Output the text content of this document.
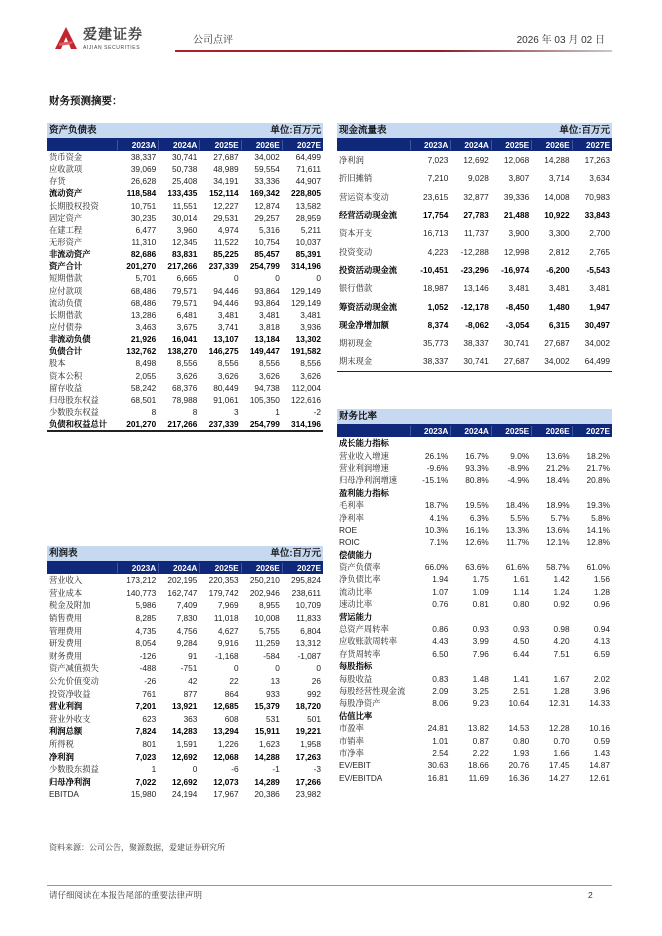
爱建证券
AIJIAN SECURITIES
公司点评	2026 年 03 月 02 日
财务预测摘要：
资产负债表	单位:百万元
2023A	2024A	2025E	2026E	2027E
货币资金	38,337	30,741	27,687	34,002	64,499
应收款项	39,069	50,738	48,989	59,554	71,611
存货	26,628	25,408	34,191	33,336	44,907
流动资产	118,584	133,435	152,114	169,342	228,805
长期股权投资	10,751	11,551	12,227	12,874	13,582
固定资产	30,235	30,014	29,531	29,257	28,959
在建工程	6,477	3,960	4,974	5,316	5,211
无形资产	11,310	12,345	11,522	10,754	10,037
非流动资产	82,686	83,831	85,225	85,457	85,391
资产合计	201,270	217,266	237,339	254,799	314,196
短期借款	5,701	6,665	0	0	0
应付款项	68,486	79,571	94,446	93,864	129,149
流动负债	68,486	79,571	94,446	93,864	129,149
长期借款	13,286	6,481	3,481	3,481	3,481
应付债券	3,463	3,675	3,741	3,818	3,936
非流动负债	21,926	16,041	13,107	13,184	13,302
负债合计	132,762	138,270	146,275	149,447	191,582
股本	8,498	8,556	8,556	8,556	8,556
资本公积	2,055	3,626	3,626	3,626	3,626
留存收益	58,242	68,376	80,449	94,738	112,004
归母股东权益	68,501	78,988	91,061	105,350	122,616
少数股东权益	8	8	3	1	-2
负债和权益总计	201,270	217,266	237,339	254,799	314,196
利润表	单位:百万元
2023A	2024A	2025E	2026E	2027E
营业收入	173,212	202,195	220,353	250,210	295,824
营业成本	140,773	162,747	179,742	202,946	238,611
税金及附加	5,986	7,409	7,969	8,955	10,709
销售费用	8,285	7,830	11,018	10,008	11,833
管理费用	4,735	4,756	4,627	5,755	6,804
研发费用	8,054	9,284	9,916	11,259	13,312
财务费用	-126	91	-1,168	-584	-1,087
资产减值损失	-488	-751	0	0	0
公允价值变动	-26	42	22	13	26
投资净收益	761	877	864	933	992
营业利润	7,201	13,921	12,685	15,379	18,720
营业外收支	623	363	608	531	501
利润总额	7,824	14,283	13,294	15,911	19,221
所得税	801	1,591	1,226	1,623	1,958
净利润	7,023	12,692	12,068	14,288	17,263
少数股东损益	1	0	-6	-1	-3
归母净利润	7,022	12,692	12,073	14,289	17,266
EBITDA	15,980	24,194	17,967	20,386	23,982
现金流量表	单位:百万元
2023A	2024A	2025E	2026E	2027E
净利润	7,023	12,692	12,068	14,288	17,263
折旧摊销	7,210	9,028	3,807	3,714	3,634
营运资本变动	23,615	32,877	39,336	14,008	70,983
经营活动现金流	17,754	27,783	21,488	10,922	33,843
资本开支	16,713	11,737	3,900	3,300	2,700
投资变动	4,223	-12,288	12,998	2,812	2,765
投资活动现金流	-10,451	-23,296	-16,974	-6,200	-5,543
银行借款	18,987	13,146	3,481	3,481	3,481
筹资活动现金流	1,052	-12,178	-8,450	1,480	1,947
现金净增加额	8,374	-8,062	-3,054	6,315	30,497
期初现金	35,773	38,337	30,741	27,687	34,002
期末现金	38,337	30,741	27,687	34,002	64,499
财务比率
2023A	2024A	2025E	2026E	2027E
成长能力指标
营业收入增速	26.1%	16.7%	9.0%	13.6%	18.2%
营业利润增速	-9.6%	93.3%	-8.9%	21.2%	21.7%
归母净利润增速	-15.1%	80.8%	-4.9%	18.4%	20.8%
盈利能力指标
毛利率	18.7%	19.5%	18.4%	18.9%	19.3%
净利率	4.1%	6.3%	5.5%	5.7%	5.8%
ROE	10.3%	16.1%	13.3%	13.6%	14.1%
ROIC	7.1%	12.6%	11.7%	12.1%	12.8%
偿债能力
资产负债率	66.0%	63.6%	61.6%	58.7%	61.0%
净负债比率	1.94	1.75	1.61	1.42	1.56
流动比率	1.07	1.09	1.14	1.24	1.28
速动比率	0.76	0.81	0.80	0.92	0.96
营运能力
总资产周转率	0.86	0.93	0.93	0.98	0.94
应收账款周转率	4.43	3.99	4.50	4.20	4.13
存货周转率	6.50	7.96	6.44	7.51	6.59
每股指标
每股收益	0.83	1.48	1.41	1.67	2.02
每股经营性现金流	2.09	3.25	2.51	1.28	3.96
每股净资产	8.06	9.23	10.64	12.31	14.33
估值比率
市盈率	24.81	13.82	14.53	12.28	10.16
市销率	1.01	0.87	0.80	0.70	0.59
市净率	2.54	2.22	1.93	1.66	1.43
EV/EBIT	30.63	18.66	20.76	17.45	14.87
EV/EBITDA	16.81	11.69	16.36	14.27	12.61
资料来源：公司公告，聚源数据，爱建证券研究所
请仔细阅读在本报告尾部的重要法律声明	2
